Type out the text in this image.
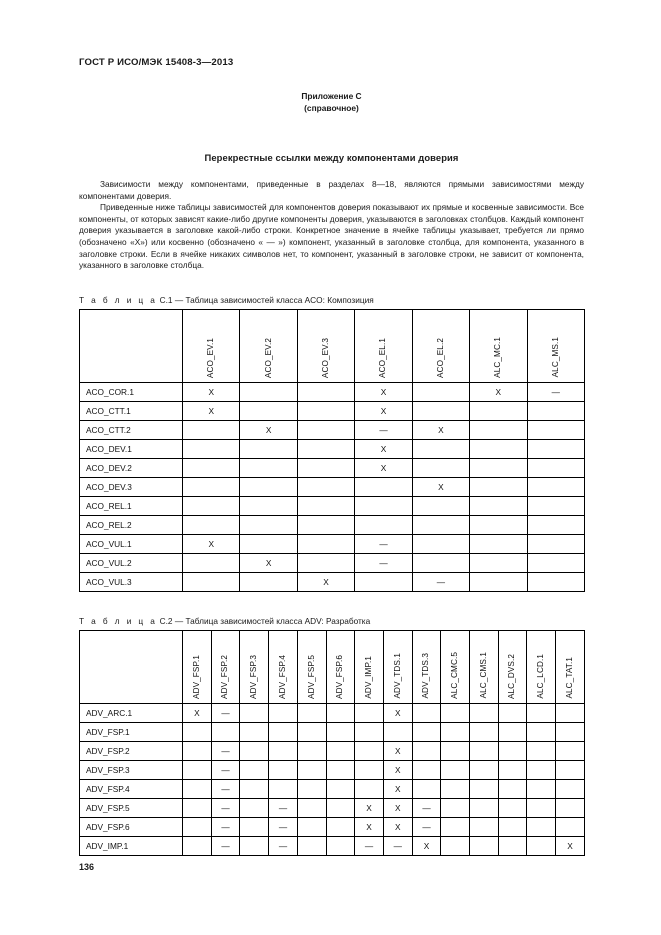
ГОСТ Р ИСО/МЭК 15408-3—2013
Приложение C
(справочное)
Перекрестные ссылки между компонентами доверия

Зависимости между компонентами, приведенные в разделах 8—18, являются прямыми зависимостями между компонентами доверия.

Приведенные ниже таблицы зависимостей для компонентов доверия показывают их прямые и косвенные зависимости. Все компоненты, от которых зависят какие-либо другие компоненты доверия, указываются в заголовках столбцов. Каждый компонент доверия указывается в заголовке какой-либо строки. Конкретное значение в ячейке таблицы указывает, требуется ли прямо (обозначено «X») или косвенно (обозначено « — ») компонент, указанный в заголовке столбца, для компонента, указанного в заголовке строки. Если в ячейке никаких символов нет, то компонент, указанный в заголовке строки, не зависит от компонента, указанного в заголовке столбца.

Т а б л и ц а C.1 — Таблица зависимостей класса ACO: Композиция

	ACO_EV.1	ACO_EV.2	ACO_EV.3	ACO_EL.1	ACO_EL.2	ALC_MC.1	ALC_MS.1

ACO_COR.1	X			X		X	—
ACO_CTT.1	X			X			
ACO_CTT.2		X		—	X		
ACO_DEV.1				X			
ACO_DEV.2				X			
ACO_DEV.3					X		
ACO_REL.1							
ACO_REL.2							
ACO_VUL.1	X			—			
ACO_VUL.2		X		—			
ACO_VUL.3			X		—		
Т а б л и ц а C.2 — Таблица зависимостей класса ADV: Разработка

	ADV_FSP.1	ADV_FSP.2	ADV_FSP.3	ADV_FSP.4	ADV_FSP.5	ADV_FSP.6	ADV_IMP.1	ADV_TDS.1	ADV_TDS.3	ALC_CMC.5	ALC_CMS.1	ALC_DVS.2	ALC_LCD.1	ALC_TAT.1

ADV_ARC.1	X	—						X						
ADV_FSP.1														
ADV_FSP.2		—						X						
ADV_FSP.3		—						X						
ADV_FSP.4		—						X						
ADV_FSP.5		—		—			X	X	—					
ADV_FSP.6		—		—			X	X	—					
ADV_IMP.1		—		—			—	—	X					X
136
